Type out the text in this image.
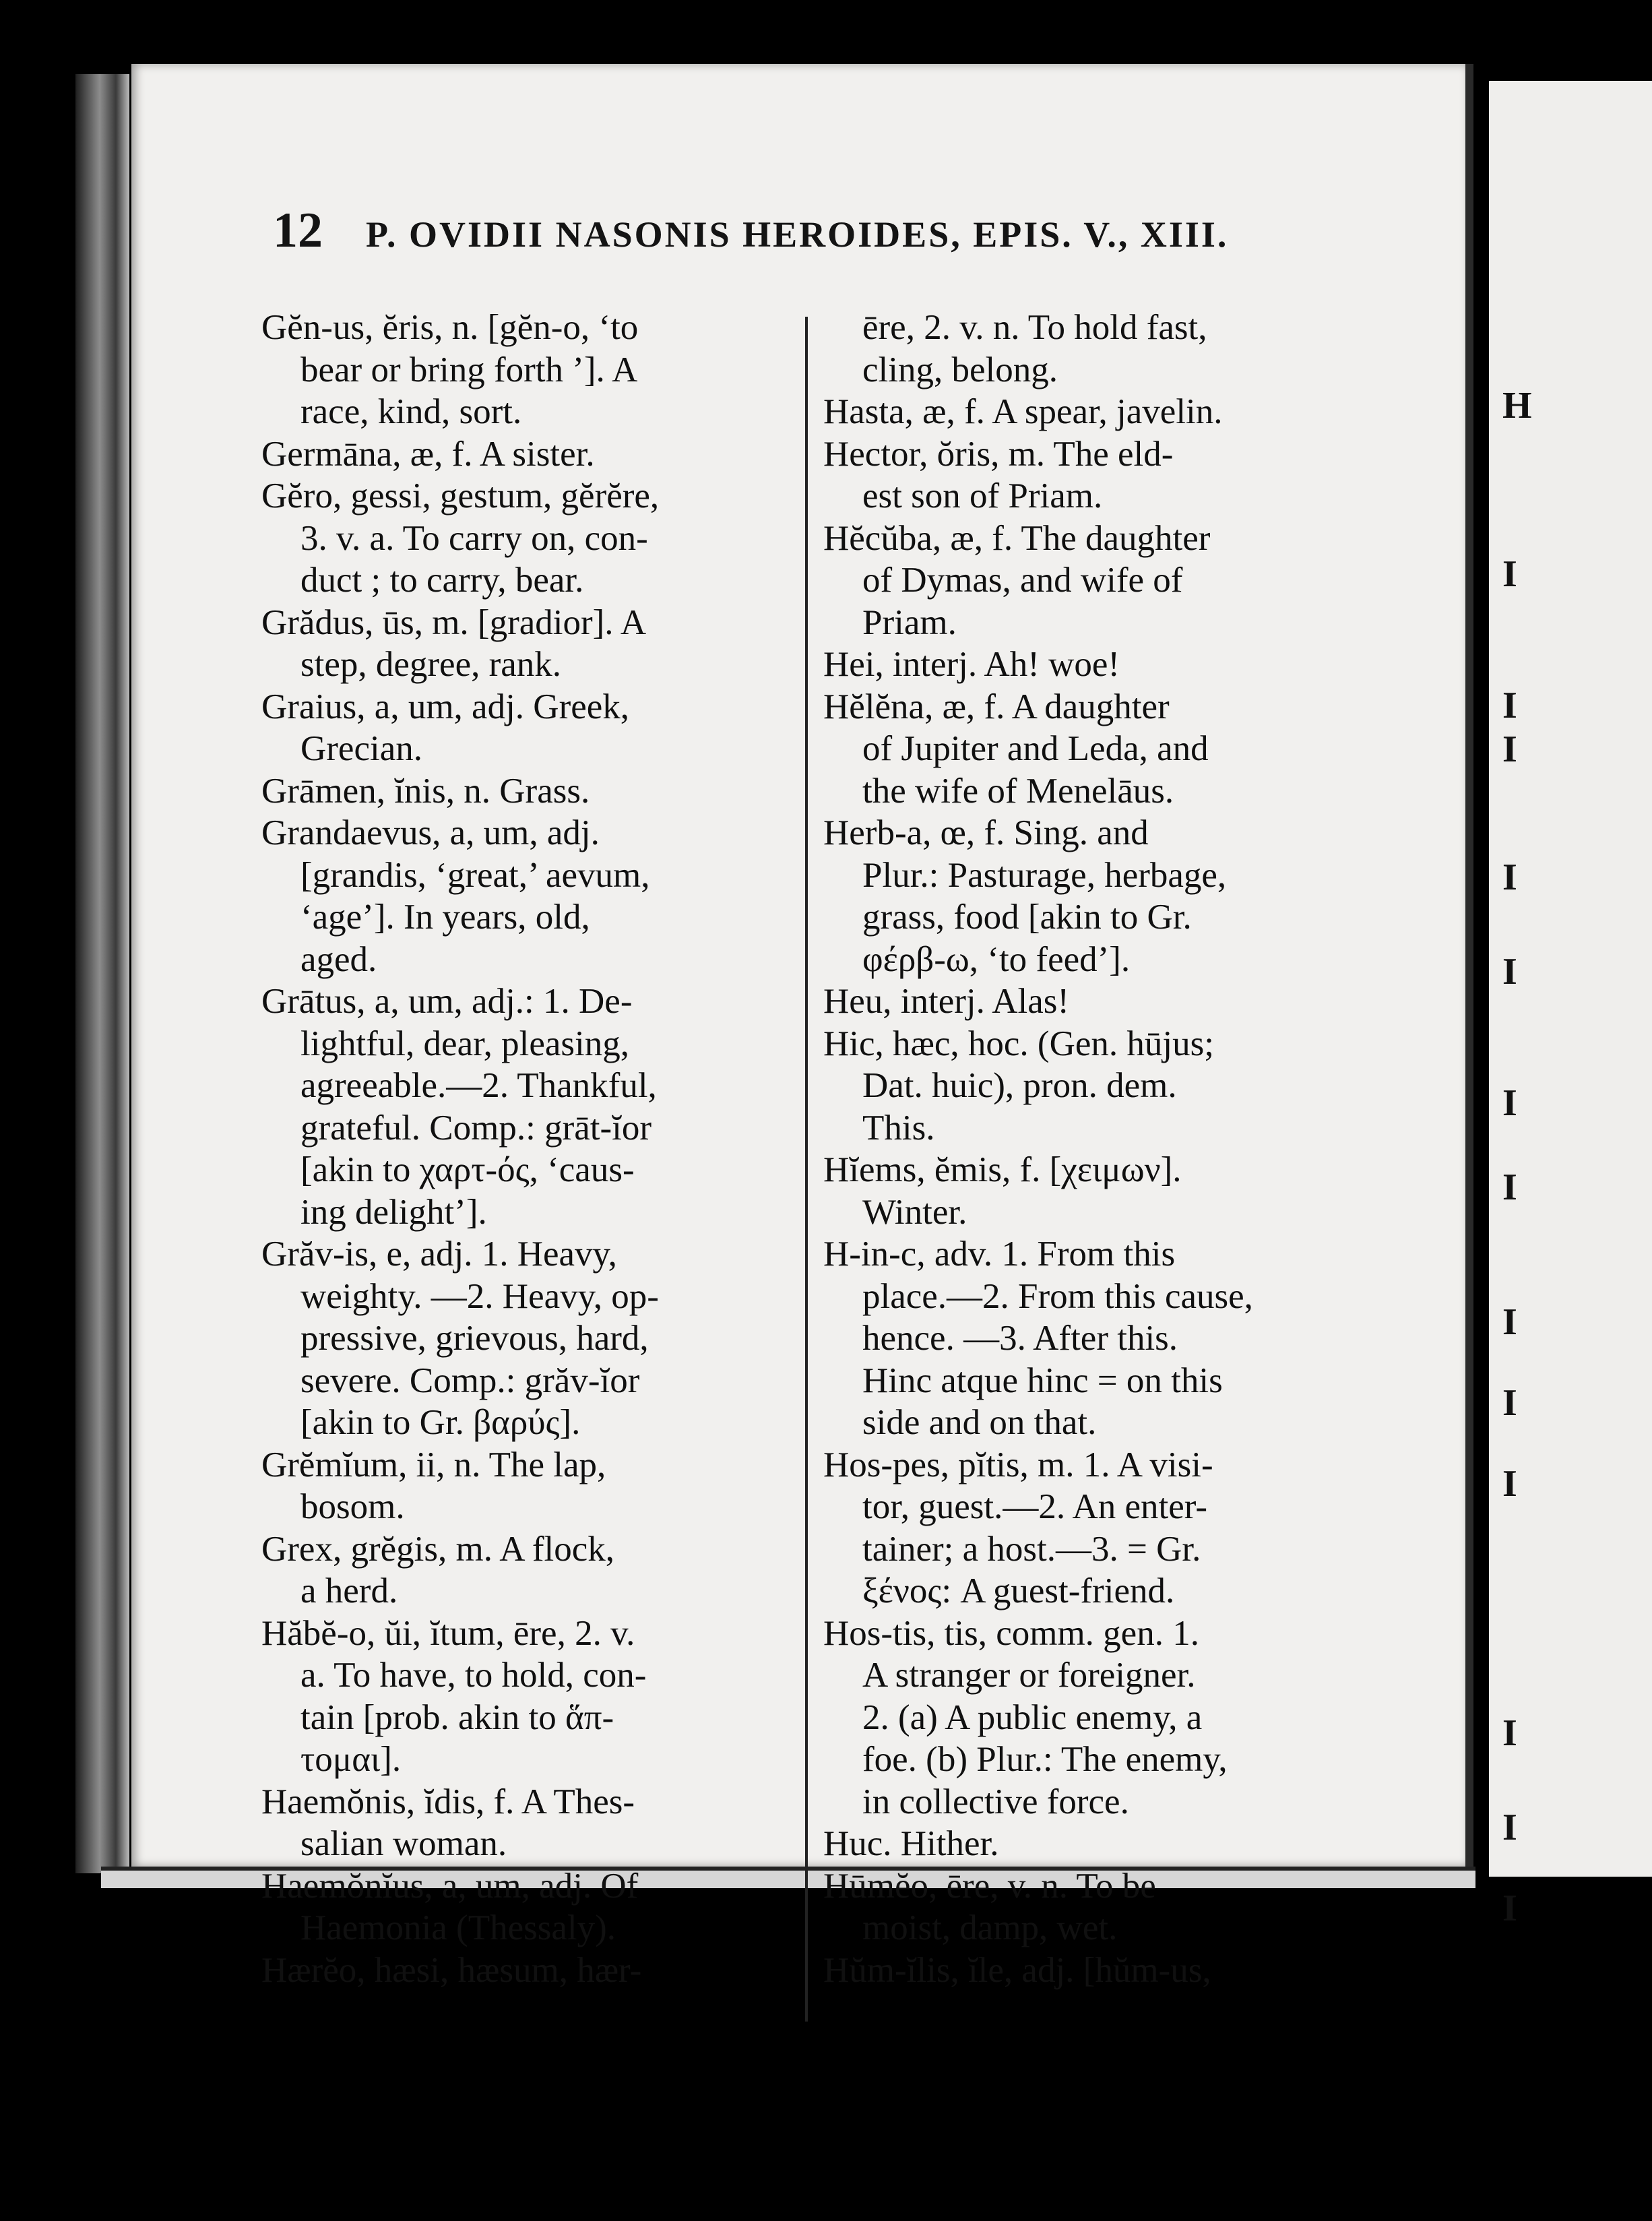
H
I
I
I
I
I
I
I
I
I
I
I
I
I
12 P. OVIDII NASONIS HEROIDES, EPIS. V., XIII.
Gĕn-us, ĕris, n. [gĕn-o, ‘to
bear or bring forth ’]. A
race, kind, sort.
Germāna, æ, f. A sister.
Gĕro, gessi, gestum, gĕrĕre,
3. v. a. To carry on, con-
duct ; to carry, bear.
Grădus, ūs, m. [gradior]. A
step, degree, rank.
Graius, a, um, adj. Greek,
Grecian.
Grāmen, ĭnis, n. Grass.
Grandaevus, a, um, adj.
[grandis, ‘great,’ aevum,
‘age’]. In years, old,
aged.
Grātus, a, um, adj.: 1. De-
lightful, dear, pleasing,
agreeable.—2. Thankful,
grateful. Comp.: grāt-ĭor
[akin to χαρτ-ός, ‘caus-
ing delight’].
Grăv-is, e, adj. 1. Heavy,
weighty. —2. Heavy, op-
pressive, grievous, hard,
severe. Comp.: grăv-ĭor
[akin to Gr. βαρύς].
Grĕmĭum, ii, n. The lap,
bosom.
Grex, grĕgis, m. A flock,
a herd.
Hăbĕ-o, ŭi, ĭtum, ēre, 2. v.
a. To have, to hold, con-
tain [prob. akin to ἅπ-
τομαι].
Haemŏnis, ĭdis, f. A Thes-
salian woman.
Haemŏnĭus, a, um, adj. Of
Haemonia (Thessaly).
Hærĕo, hæsi, hæsum, hær-
ēre, 2. v. n. To hold fast,
cling, belong.
Hasta, æ, f. A spear, javelin.
Hector, ŏris, m. The eld-
est son of Priam.
Hĕcŭba, æ, f. The daughter
of Dymas, and wife of
Priam.
Hei, interj. Ah! woe!
Hĕlĕna, æ, f. A daughter
of Jupiter and Leda, and
the wife of Menelāus.
Herb-a, œ, f. Sing. and
Plur.: Pasturage, herbage,
grass, food [akin to Gr.
φέρβ-ω, ‘to feed’].
Heu, interj. Alas!
Hic, hæc, hoc. (Gen. hūjus;
Dat. huic), pron. dem.
This.
Hĭems, ĕmis, f. [χειμων].
Winter.
H-in-c, adv. 1. From this
place.—2. From this cause,
hence. —3. After this.
Hinc atque hinc = on this
side and on that.
Hos-pes, pĭtis, m. 1. A visi-
tor, guest.—2. An enter-
tainer; a host.—3. = Gr.
ξένος: A guest-friend.
Hos-tis, tis, comm. gen. 1.
A stranger or foreigner.
2. (a) A public enemy, a
foe. (b) Plur.: The enemy,
in collective force.
Huc. Hither.
Hūmĕo, ēre, v. n. To be
moist, damp, wet.
Hŭm-ĭlis, ĭle, adj. [hŭm-us,
